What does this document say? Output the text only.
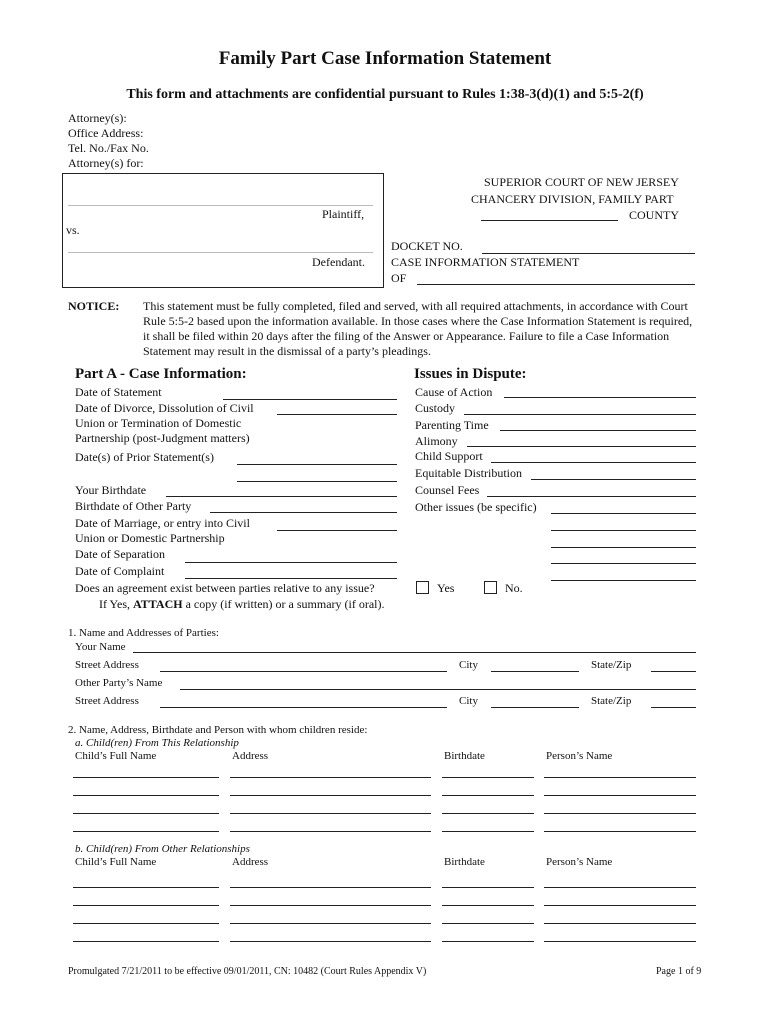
Family Part Case Information Statement
This form and attachments are confidential pursuant to Rules 1:38-3(d)(1) and 5:5-2(f)
Attorney(s):
Office Address:
Tel. No./Fax No.
Attorney(s) for:
Plaintiff,
vs.
Defendant.
SUPERIOR COURT OF NEW JERSEY
CHANCERY DIVISION, FAMILY PART
COUNTY
DOCKET NO.
CASE INFORMATION STATEMENT
OF
NOTICE: This statement must be fully completed, filed and served, with all required attachments, in accordance with Court Rule 5:5-2 based upon the information available. In those cases where the Case Information Statement is required, it shall be filed within 20 days after the filing of the Answer or Appearance. Failure to file a Case Information Statement may result in the dismissal of a party’s pleadings.
Part A - Case Information:
Date of Statement
Date of Divorce, Dissolution of Civil
Union or Termination of Domestic
Partnership (post-Judgment matters)
Date(s) of Prior Statement(s)
Your Birthdate
Birthdate of Other Party
Date of Marriage, or entry into Civil
Union or Domestic Partnership
Date of Separation
Date of Complaint
Does an agreement exist between parties relative to any issue?
If Yes, ATTACH a copy (if written) or a summary (if oral).
Yes	No.
Issues in Dispute:
Cause of Action
Custody
Parenting Time
Alimony
Child Support
Equitable Distribution
Counsel Fees
Other issues (be specific)
1. Name and Addresses of Parties:
Your Name
Street Address	City	State/Zip
Other Party’s Name
Street Address	City	State/Zip
2. Name, Address, Birthdate and Person with whom children reside:
a. Child(ren) From This Relationship
Child’s Full Name	Address	Birthdate	Person’s Name
b. Child(ren) From Other Relationships
Child’s Full Name	Address	Birthdate	Person’s Name
Promulgated 7/21/2011 to be effective 09/01/2011, CN: 10482 (Court Rules Appendix V)	Page 1 of 9
